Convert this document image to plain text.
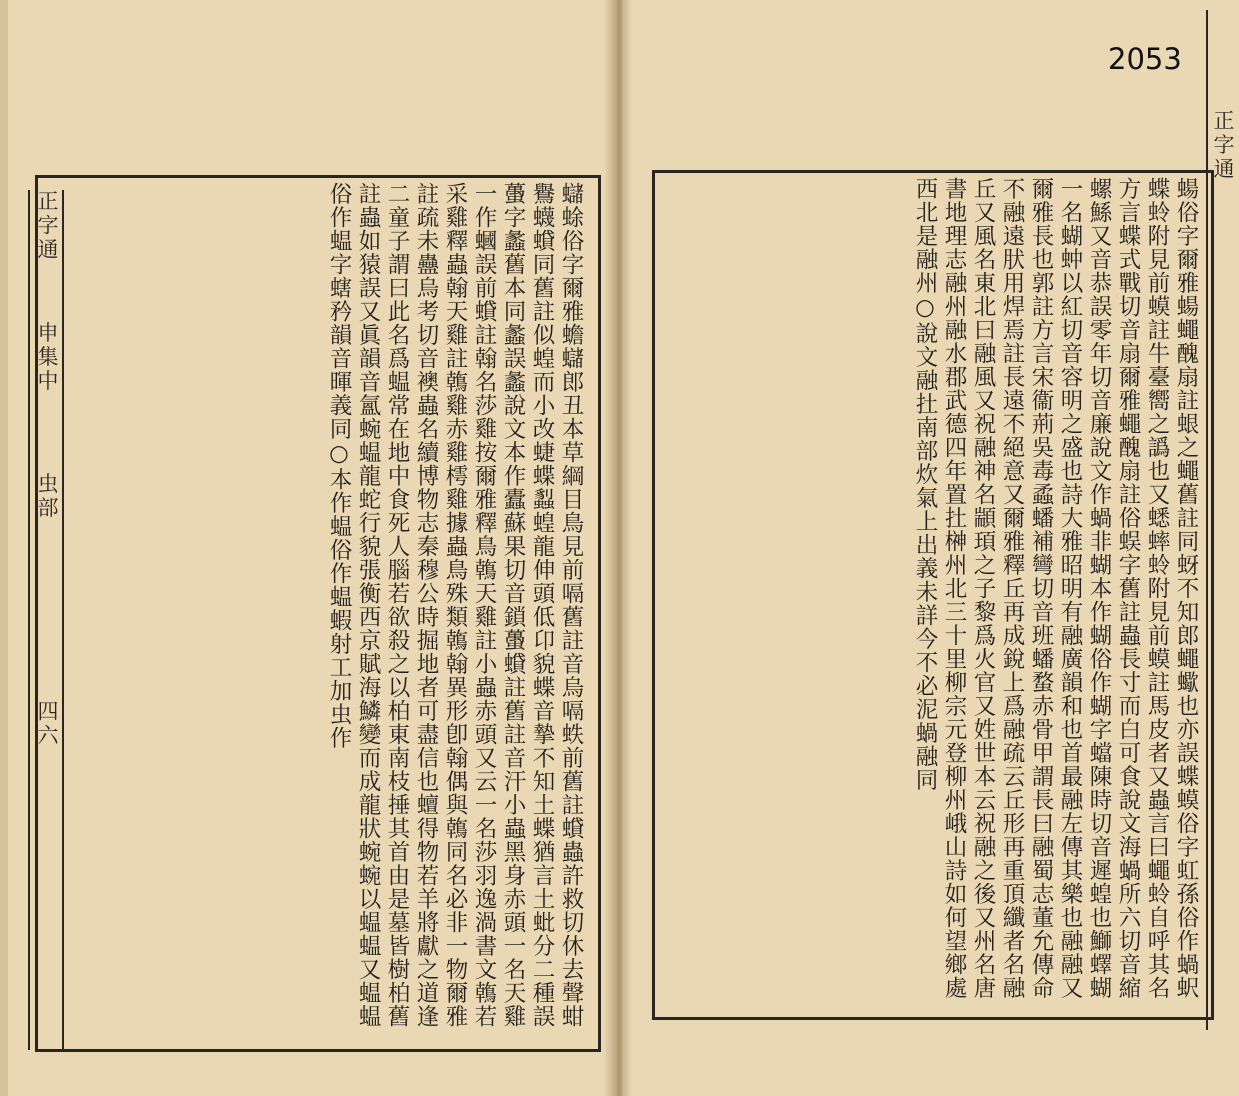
2053
正字通  申集中  虫部  四六	蠩蜍俗字爾雅蟾蠩郎丑本草綱目鳥見前嗝舊註音烏嗝蛈前舊註蟘蟲許救切休去聲蚶鸒蠛蟘同舊註似蝗而小改蜨蝶蠫蝗龍伸頭低卬貌蝶音摯不知土蝶猶言土蚍分二種誤蠆字蠡舊本同蠡誤蠡說文本作蠹蘇果切音鎖蠆蟘註舊註音汗小蟲黑身赤頭一名天雞一作蟈誤前蟘註翰名莎雞按爾雅釋鳥鶾天雞註小蟲赤頭又云一名莎羽逸渦書文鶾若采雞釋蟲翰天雞註鶾雞赤雞樗雞據蟲鳥殊類鶾翰異形卽翰偶與鶾同名必非一物爾雅註疏未蠱烏考切音襖蟲名續博物志秦穆公時掘地者可盡信也蟺得物若羊將獻之道逢二童子謂曰此名爲蝹常在地中食死人腦若欲殺之以柏東南枝捶其首由是墓皆樹柏舊註蟲如猿誤又眞韻音氳蜿蝹龍蛇行貌張衡西京賦海鱗變而成龍狀蜿蜿以蝹蝹又蝹蝹俗作蝹字螛矜韻音暉義同○本作蝹俗作蝹蝦射工加虫作
正字通
蝪俗字爾雅蝪蠅醜扇註蛝之蠅舊註同蚜不知郎蠅蠍也亦誤蝶蟆俗字虹孫俗作蝸蚇蝶蛉附見前蟆註牛臺嚮之譌也又蟋蟀蛉附見前蟆註馬皮者又蟲言曰蠅蛉自呼其名方言蝶式戰切音扇爾雅蠅醜扇註俗蜈字舊註蟲長寸而白可食說文海蝸所六切音縮螺鯀又音恭誤零年切音廉說文作蝸非蝴本作蝴俗作蝴字蟷陳時切音遲蝗也鰤蠌蝴一名蝴蚛以紅切音容明之盛也詩大雅昭明有融廣韻和也首最融左傳其樂也融融又爾雅長也郭註方言宋衞荊吳毒蟊蟠補彎切音班蟠蝥赤骨甲謂長曰融蜀志董允傳命不融遠肰用焊焉註長遠不絕意又爾雅釋丘再成銳上爲融疏云丘形再重頂纖者名融丘又風名東北曰融風又祝融神名顓頊之子黎爲火官又姓世本云祝融之後又州名唐書地理志融州融水郡武德四年置扗榊州北三十里柳宗元登柳州峨山詩如何望鄉處西北是融州○說文融扗南部炊氣上出義未詳今不必泥蝸融同
